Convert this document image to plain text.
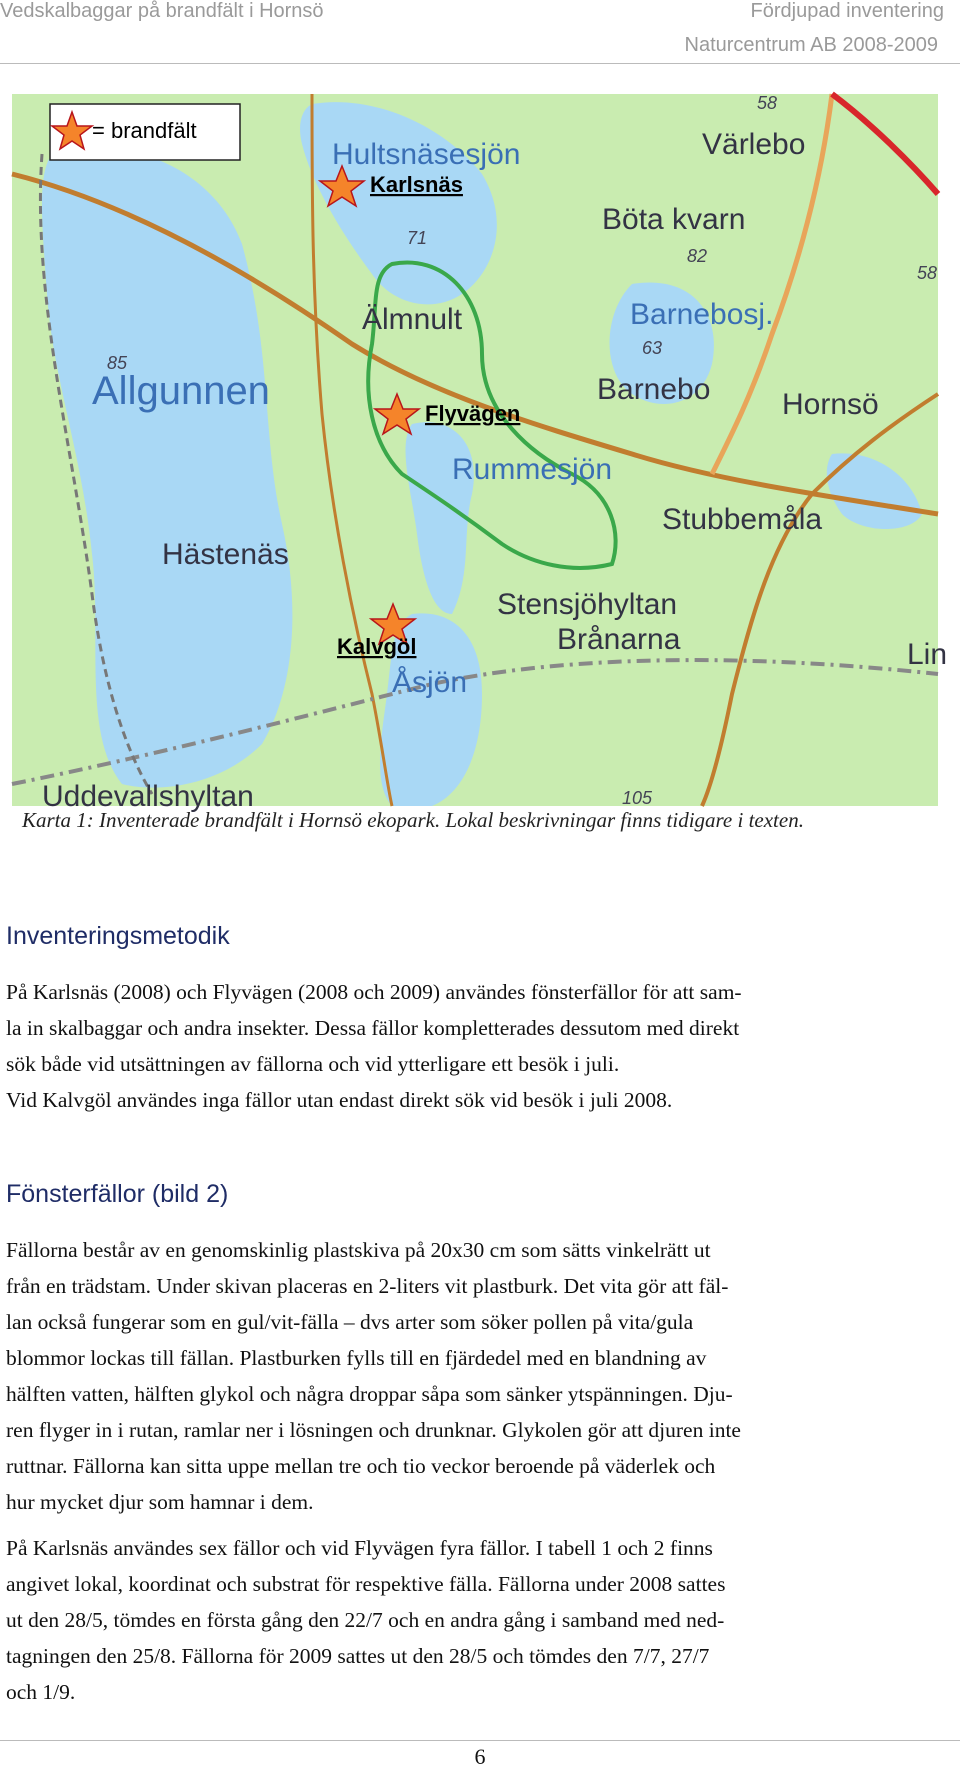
Vedskalbaggar på brandfält i Hornsö	Fördjupad inventering
Naturcentrum AB 2008-2009
Värlebo
Hultsnäsesjön
Böta kvarn
Älmnult	Barnebosj.
Barnebo
Allgunnen	Hornsö
Rummesjön
Stubbemåla
Hästenäs
Stensjöhyltan
Brånarna
Åsjön
Uddevallshyltan
Lin
58
71
82
58
63
85
105
= brandfält
Karlsnäs
Flyvägen
Kalvgöl
Karta 1: Inventerade brandfält i Hornsö ekopark. Lokal beskrivningar finns tidigare i texten.
Inventeringsmetodik

På Karlsnäs (2008) och Flyvägen (2008 och 2009) användes fönsterfällor för att sam-
la in skalbaggar och andra insekter. Dessa fällor kompletterades dessutom med direkt
sök både vid utsättningen av fällorna och vid ytterligare ett besök i juli.
Vid Kalvgöl användes inga fällor utan endast direkt sök vid besök i juli 2008.

Fönsterfällor (bild 2)

Fällorna består av en genomskinlig plastskiva på 20x30 cm som sätts vinkelrätt ut
från en trädstam. Under skivan placeras en 2-liters vit plastburk. Det vita gör att fäl-
lan också fungerar som en gul/vit-fälla – dvs arter som söker pollen på vita/gula
blommor lockas till fällan. Plastburken fylls till en fjärdedel med en blandning av
hälften vatten, hälften glykol och några droppar såpa som sänker ytspänningen. Dju-
ren flyger in i rutan, ramlar ner i lösningen och drunknar. Glykolen gör att djuren inte
ruttnar. Fällorna kan sitta uppe mellan tre och tio veckor beroende på väderlek och
hur mycket djur som hamnar i dem.

På Karlsnäs användes sex fällor och vid Flyvägen fyra fällor. I tabell 1 och 2 finns
angivet lokal, koordinat och substrat för respektive fälla. Fällorna under 2008 sattes
ut den 28/5, tömdes en första gång den 22/7 och en andra gång i samband med ned-
tagningen den 25/8. Fällorna för 2009 sattes ut den 28/5 och tömdes den 7/7, 27/7
och 1/9.

6
